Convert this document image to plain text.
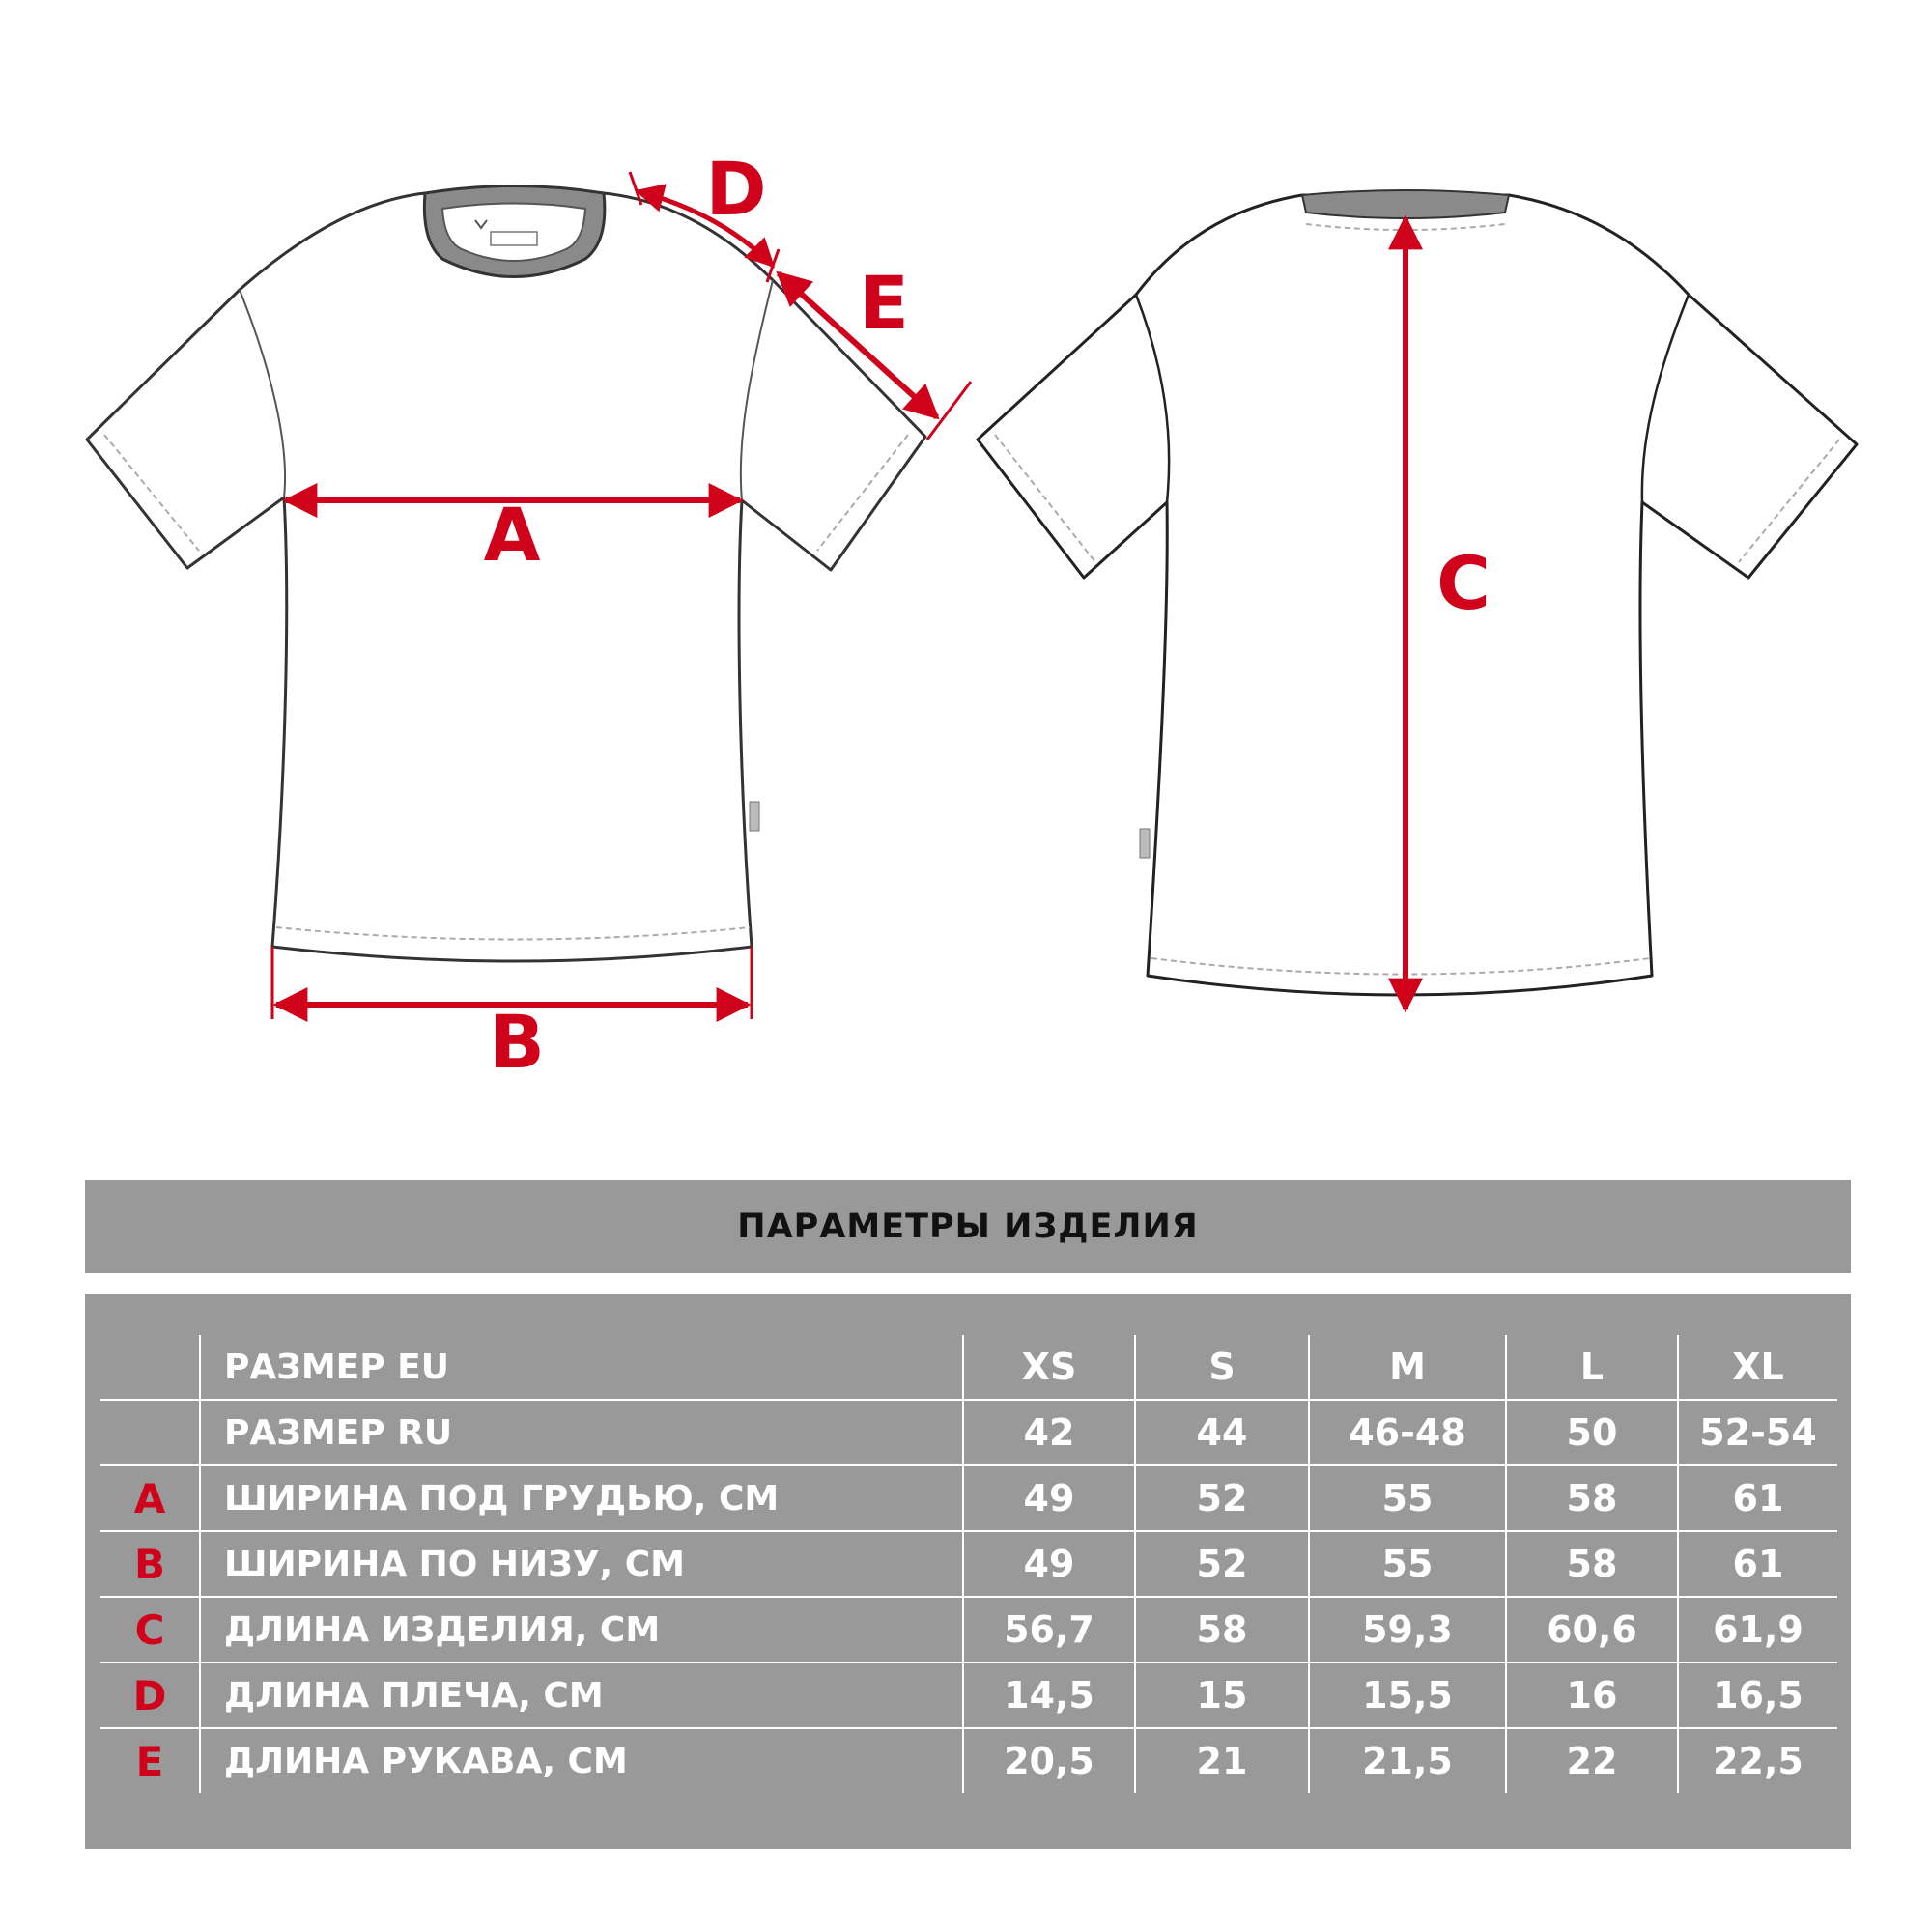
A
B
D
E
C
ПАРАМЕТРЫ ИЗДЕЛИЯ
	РАЗМЕР EU	XS	S	M	L	XL
	РАЗМЕР RU	42	44	46-48	50	52-54
A	ШИРИНА ПОД ГРУДЬЮ, СМ	49	52	55	58	61
B	ШИРИНА ПО НИЗУ, СМ	49	52	55	58	61
C	ДЛИНА ИЗДЕЛИЯ, СМ	56,7	58	59,3	60,6	61,9
D	ДЛИНА ПЛЕЧА, СМ	14,5	15	15,5	16	16,5
E	ДЛИНА РУКАВА, СМ	20,5	21	21,5	22	22,5
